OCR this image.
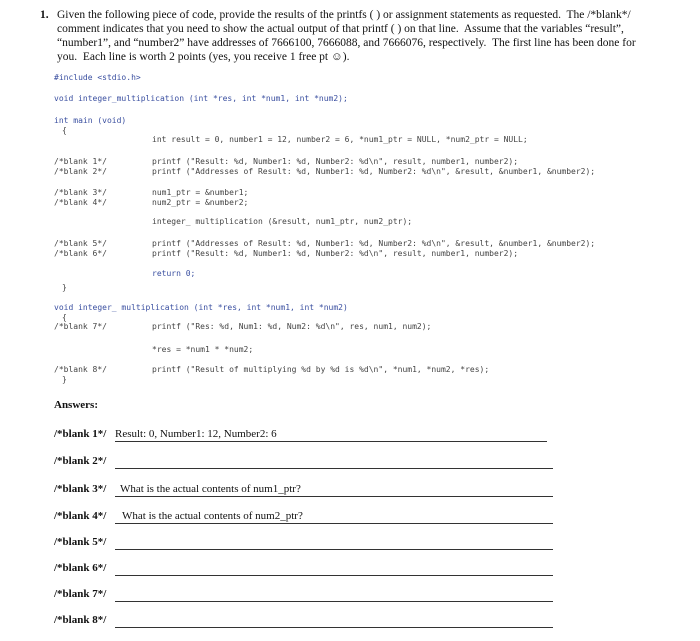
1. Given the following piece of code, provide the results of the printfs ( ) or assignment statements as requested.  The /*blank*/
comment indicates that you need to show the actual output of that printf ( ) on that line.  Assume that the variables “result”,
“number1”, and “number2” have addresses of 7666100, 7666088, and 7666076, respectively.  The first line has been done for
you.  Each line is worth 2 points (yes, you receive 1 free pt ☺).
#include <stdio.h>
void integer_multiplication (int *res, int *num1, int *num2);
int main (void)
{
int result = 0, number1 = 12, number2 = 6, *num1_ptr = NULL, *num2_ptr = NULL;
/*blank 1*/	printf ("Result: %d, Number1: %d, Number2: %d\n", result, number1, number2);
/*blank 2*/	printf ("Addresses of Result: %d, Number1: %d, Number2: %d\n", &result, &number1, &number2);
/*blank 3*/	num1_ptr = &number1;
/*blank 4*/	num2_ptr = &number2;
integer_ multiplication (&result, num1_ptr, num2_ptr);
/*blank 5*/	printf ("Addresses of Result: %d, Number1: %d, Number2: %d\n", &result, &number1, &number2);
/*blank 6*/	printf ("Result: %d, Number1: %d, Number2: %d\n", result, number1, number2);
return 0;
}
void integer_ multiplication (int *res, int *num1, int *num2)
{
/*blank 7*/	printf ("Res: %d, Num1: %d, Num2: %d\n", res, num1, num2);
*res = *num1 * *num2;
/*blank 8*/	printf ("Result of multiplying %d by %d is %d\n", *num1, *num2, *res);
}
Answers:
/*blank 1*/ Result: 0, Number1: 12, Number2: 6
/*blank 2*/
/*blank 3*/ What is the actual contents of num1_ptr?
/*blank 4*/ What is the actual contents of num2_ptr?
/*blank 5*/
/*blank 6*/
/*blank 7*/
/*blank 8*/
